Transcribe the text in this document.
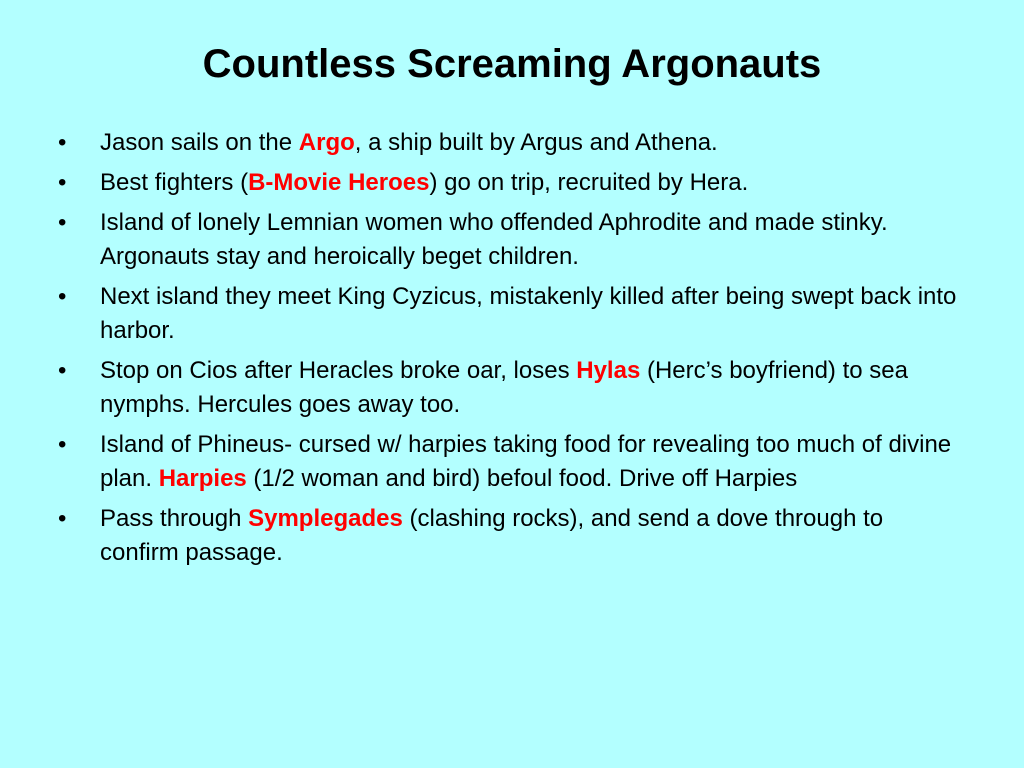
Countless Screaming Argonauts
•	Jason sails on the Argo, a ship built by Argus and Athena.
•	Best fighters (B-Movie Heroes) go on trip, recruited by Hera.
•	Island of lonely Lemnian women who offended Aphrodite and made stinky. Argonauts stay and heroically beget children.
•	Next island they meet King Cyzicus, mistakenly killed after being swept back into harbor.
•	Stop on Cios after Heracles broke oar, loses Hylas (Herc’s boyfriend) to sea nymphs. Hercules goes away too.
•	Island of Phineus- cursed w/ harpies taking food for revealing too much of divine plan. Harpies (1/2 woman and bird) befoul food. Drive off Harpies
•	Pass through Symplegades (clashing rocks), and send a dove through to confirm passage.
